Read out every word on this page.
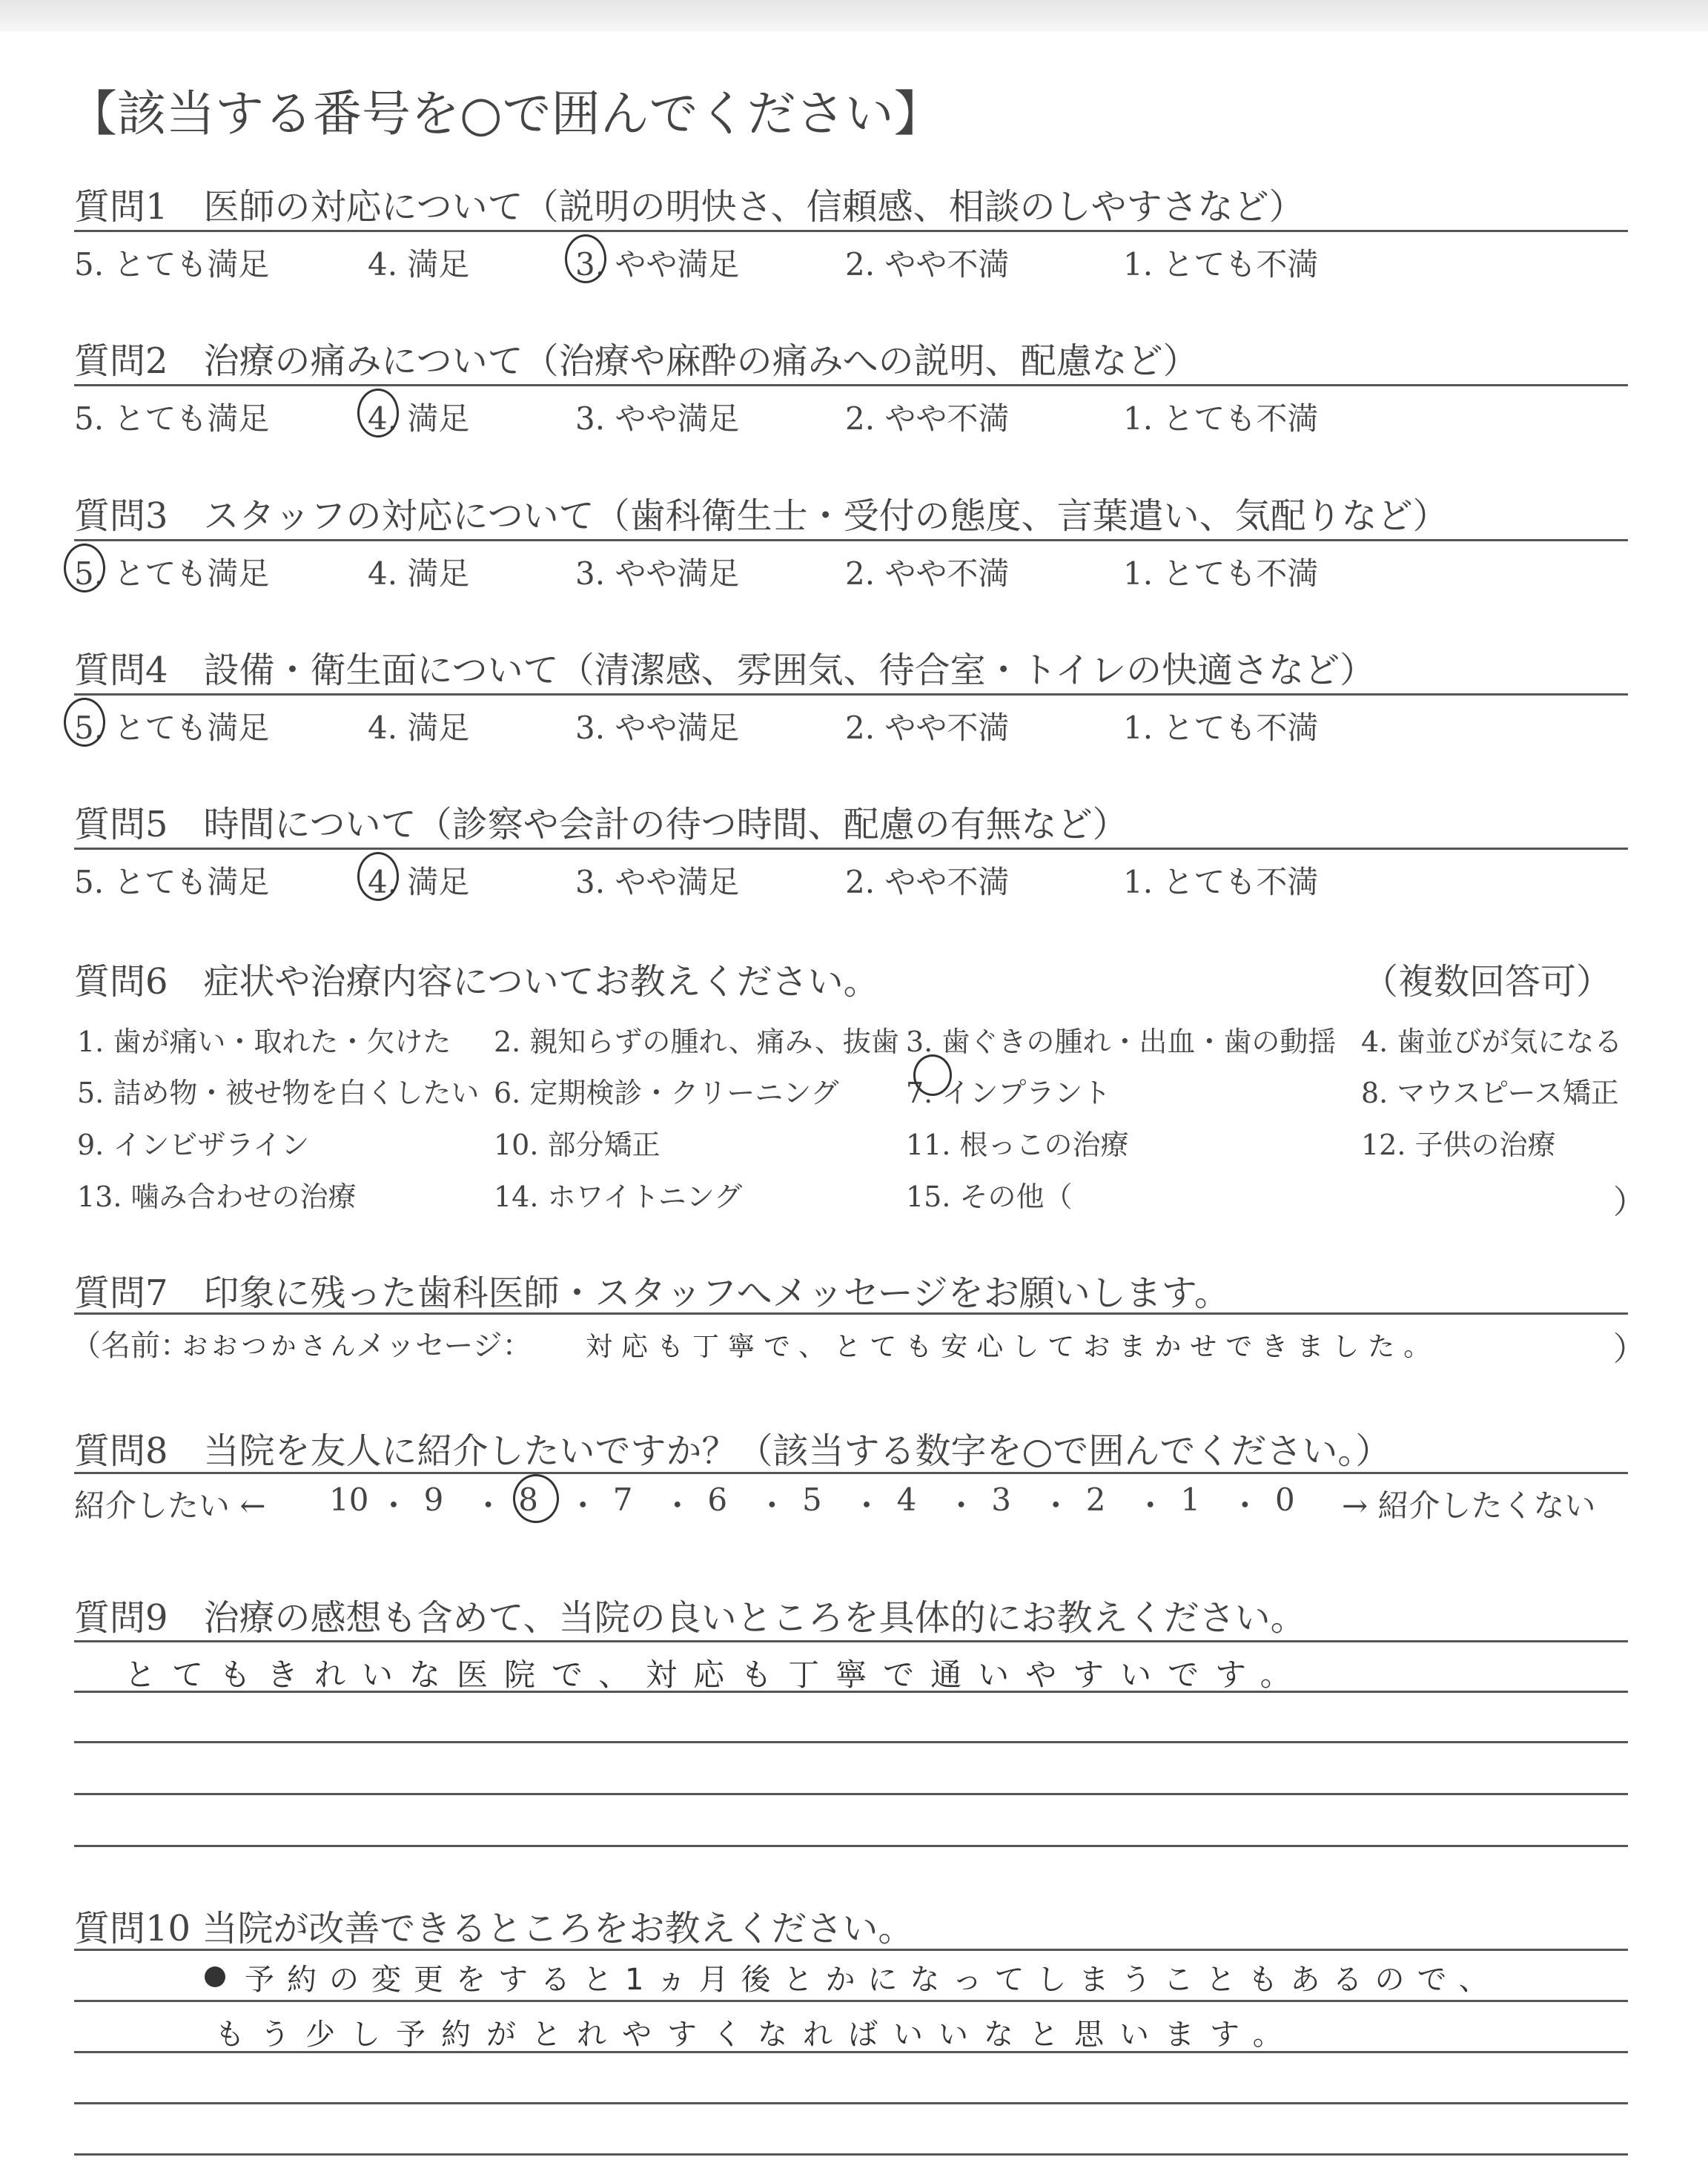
【該当する番号を○で囲んでください】
質問1　医師の対応について（説明の明快さ、信頼感、相談のしやすさなど）
5. とても満足	4. 満足	3. やや満足	2. やや不満	1. とても不満
質問2　治療の痛みについて（治療や麻酔の痛みへの説明、配慮など）
5. とても満足	4. 満足	3. やや満足	2. やや不満	1. とても不満
質問3　スタッフの対応について（歯科衛生士・受付の態度、言葉遣い、気配りなど）
5. とても満足	4. 満足	3. やや満足	2. やや不満	1. とても不満
質問4　設備・衛生面について（清潔感、雰囲気、待合室・トイレの快適さなど）
5. とても満足	4. 満足	3. やや満足	2. やや不満	1. とても不満
質問5　時間について（診察や会計の待つ時間、配慮の有無など）
5. とても満足	4. 満足	3. やや満足	2. やや不満	1. とても不満
質問6　症状や治療内容についてお教えください。	（複数回答可）
1. 歯が痛い・取れた・欠けた 2. 親知らずの腫れ、痛み、抜歯 3. 歯ぐきの腫れ・出血・歯の動揺 4. 歯並びが気になる
5. 詰め物・被せ物を白くしたい 6. 定期検診・クリーニング 7. インプラント	8. マウスピース矯正
9. インビザライン	10. 部分矯正	11. 根っこの治療	12. 子供の治療
13. 噛み合わせの治療	14. ホワイトニング	15. その他（	）
質問7　印象に残った歯科医師・スタッフへメッセージをお願いします。
（名前：
おおつかさん
メッセージ： 対応も丁寧で、とても安心しておまかせできました。	）
質問8　当院を友人に紹介したいですか？（該当する数字を○で囲んでください。）
紹介したい ← 10 ・ 9 ・ 8 ・ 7 ・ 6 ・ 5 ・ 4 ・ 3 ・ 2 ・ 1 ・ 0 → 紹介したくない
質問9　治療の感想も含めて、当院の良いところを具体的にお教えください。
とてもきれいな医院で、対応も丁寧で通いやすいです。
質問10 当院が改善できるところをお教えください。
予約の変更をすると1ヵ月後とかになってしまうこともあるので、
もう少し予約がとれやすくなればいいなと思います。
